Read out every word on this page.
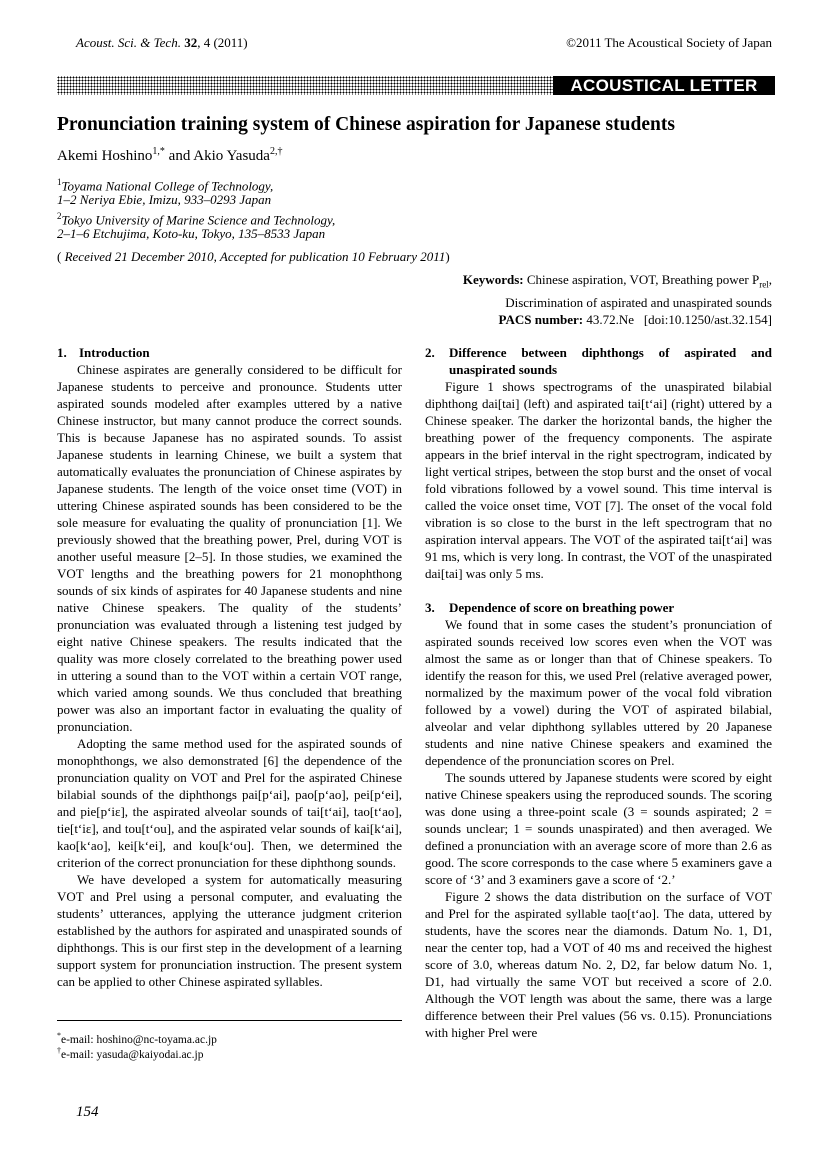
Acoust. Sci. & Tech. 32, 4 (2011)	©2011 The Acoustical Society of Japan
ACOUSTICAL LETTER
Pronunciation training system of Chinese aspiration for Japanese students
Akemi Hoshino$^{1,*}$ and Akio Yasuda$^{2,\dagger}$
$^1$Toyama National College of Technology,
1–2 Neriya Ebie, Imizu, 933–0293 Japan
$^2$Tokyo University of Marine Science and Technology,
2–1–6 Etchujima, Koto-ku, Tokyo, 135–8533 Japan
( Received 21 December 2010, Accepted for publication 10 February 2011)
Keywords: Chinese aspiration, VOT, Breathing power $P_{rel}$,
Discrimination of aspirated and unaspirated sounds
PACS number: 43.72.Ne [doi:10.1250/ast.32.154]

1. Introduction

Chinese aspirates are generally considered to be difficult for Japanese students to perceive and pronounce. Students utter aspirated sounds modeled after examples uttered by a native Chinese instructor, but many cannot produce the correct sounds. This is because Japanese has no aspirated sounds. To assist Japanese students in learning Chinese, we built a system that automatically evaluates the pronunciation of Chinese aspirates by Japanese students. The length of the voice onset time (VOT) in uttering Chinese aspirated sounds has been considered to be the sole measure for evaluating the quality of pronunciation [1]. We previously showed that the breathing power, Prel, during VOT is another useful measure [2–5]. In those studies, we examined the VOT lengths and the breathing powers for 21 monophthong sounds of six kinds of aspirates for 40 Japanese students and nine native Chinese speakers. The quality of the students’ pronunciation was evaluated through a listening test judged by eight native Chinese speakers. The results indicated that the quality was more closely correlated to the breathing power used in uttering a sound than to the VOT within a certain VOT range, which varied among sounds. We thus concluded that breathing power was also an important factor in evaluating the quality of pronunciation.

Adopting the same method used for the aspirated sounds of monophthongs, we also demonstrated [6] the dependence of the pronunciation quality on VOT and Prel for the aspirated Chinese bilabial sounds of the diphthongs pai[p‘ai], pao[p‘ao], pei[p‘ei], and pie[p‘iɛ], the aspirated alveolar sounds of tai[t‘ai], tao[t‘ao], tie[t‘iɛ], and tou[t‘ou], and the aspirated velar sounds of kai[k‘ai], kao[k‘ao], kei[k‘ei], and kou[k‘ou]. Then, we determined the criterion of the correct pronunciation for these diphthong sounds.

We have developed a system for automatically measuring VOT and Prel using a personal computer, and evaluating the students’ utterances, applying the utterance judgment criterion established by the authors for aspirated and unaspirated sounds of diphthongs. This is our first step in the development of a learning support system for pronunciation instruction. The present system can be applied to other Chinese aspirated syllables.

2.	Difference between diphthongs of aspirated and unaspirated sounds

Figure 1 shows spectrograms of the unaspirated bilabial diphthong dai[tai] (left) and aspirated tai[t‘ai] (right) uttered by a Chinese speaker. The darker the horizontal bands, the higher the breathing power of the frequency components. The aspirate appears in the brief interval in the right spectrogram, indicated by light vertical stripes, between the stop burst and the onset of vocal fold vibrations followed by a vowel sound. This time interval is called the voice onset time, VOT [7]. The onset of the vocal fold vibration is so close to the burst in the left spectrogram that no aspiration interval appears. The VOT of the aspirated tai[t‘ai] was 91 ms, which is very long. In contrast, the VOT of the unaspirated dai[tai] was only 5 ms.

3. Dependence of score on breathing power

We found that in some cases the student’s pronunciation of aspirated sounds received low scores even when the VOT was almost the same as or longer than that of Chinese speakers. To identify the reason for this, we used Prel (relative averaged power, normalized by the maximum power of the vocal fold vibration followed by a vowel) during the VOT of aspirated bilabial, alveolar and velar diphthong syllables uttered by 20 Japanese students and nine native Chinese speakers and examined the dependence of the pronunciation scores on Prel.

The sounds uttered by Japanese students were scored by eight native Chinese speakers using the reproduced sounds. The scoring was done using a three-point scale (3 = sounds aspirated; 2 = sounds unclear; 1 = sounds unaspirated) and then averaged. We defined a pronunciation with an average score of more than 2.6 as good. The score corresponds to the case where 5 examiners gave a score of ‘3’ and 3 examiners gave a score of ‘2.’

Figure 2 shows the data distribution on the surface of VOT and Prel for the aspirated syllable tao[t‘ao]. The data, uttered by students, have the scores near the diamonds. Datum No. 1, D1, near the center top, had a VOT of 40 ms and received the highest score of 3.0, whereas datum No. 2, D2, far below datum No. 1, D1, had virtually the same VOT but received a score of 2.0. Although the VOT length was about the same, there was a large difference between their Prel values (56 vs. 0.15). Pronunciations with higher Prel were

*e-mail: hoshino@nc-toyama.ac.jp
†e-mail: yasuda@kaiyodai.ac.jp
154
